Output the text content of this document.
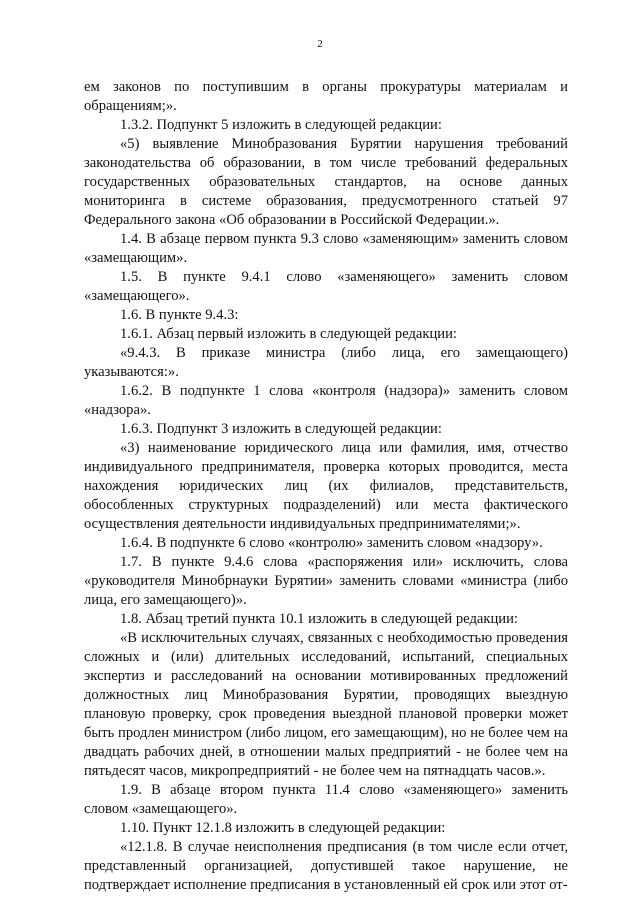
2

ем законов по поступившим в органы прокуратуры материалам и обращениям;».

1.3.2. Подпункт 5 изложить в следующей редакции:

«5) выявление Минобразования Бурятии нарушения требований законодательства об образовании, в том числе требований федеральных государственных образовательных стандартов, на основе данных мониторинга в системе образования, предусмотренного статьей 97 Федерального закона «Об образовании в Российской Федерации.».

1.4. В абзаце первом пункта 9.3 слово «заменяющим» заменить словом «замещающим».

1.5. В пункте 9.4.1 слово «заменяющего» заменить словом «замещающего».

1.6. В пункте 9.4.3:

1.6.1. Абзац первый изложить в следующей редакции:

«9.4.3. В приказе министра (либо лица, его замещающего) указываются:».

1.6.2. В подпункте 1 слова «контроля (надзора)» заменить словом «надзора».

1.6.3. Подпункт 3 изложить в следующей редакции:

«3) наименование юридического лица или фамилия, имя, отчество индивидуального предпринимателя, проверка которых проводится, места нахождения юридических лиц (их филиалов, представительств, обособленных структурных подразделений) или места фактического осуществления деятельности индивидуальных предпринимателями;».

1.6.4. В подпункте 6 слово «контролю» заменить словом «надзору».

1.7. В пункте 9.4.6 слова «распоряжения или» исключить, слова «руководителя Минобрнауки Бурятии» заменить словами «министра (либо лица, его замещающего)».

1.8. Абзац третий пункта 10.1 изложить в следующей редакции:

«В исключительных случаях, связанных с необходимостью проведения сложных и (или) длительных исследований, испытаний, специальных экспертиз и расследований на основании мотивированных предложений должностных лиц Минобразования Бурятии, проводящих выездную плановую проверку, срок проведения выездной плановой проверки может быть продлен министром (либо лицом, его замещающим), но не более чем на двадцать рабочих дней, в отношении малых предприятий - не более чем на пятьдесят часов, микропредприятий - не более чем на пятнадцать часов.».

1.9. В абзаце втором пункта 11.4 слово «заменяющего» заменить словом «замещающего».

1.10. Пункт 12.1.8 изложить в следующей редакции:

«12.1.8. В случае неисполнения предписания (в том числе если отчет, представленный организацией, допустившей такое нарушение, не подтверждает исполнение предписания в установленный ей срок или этот от-
